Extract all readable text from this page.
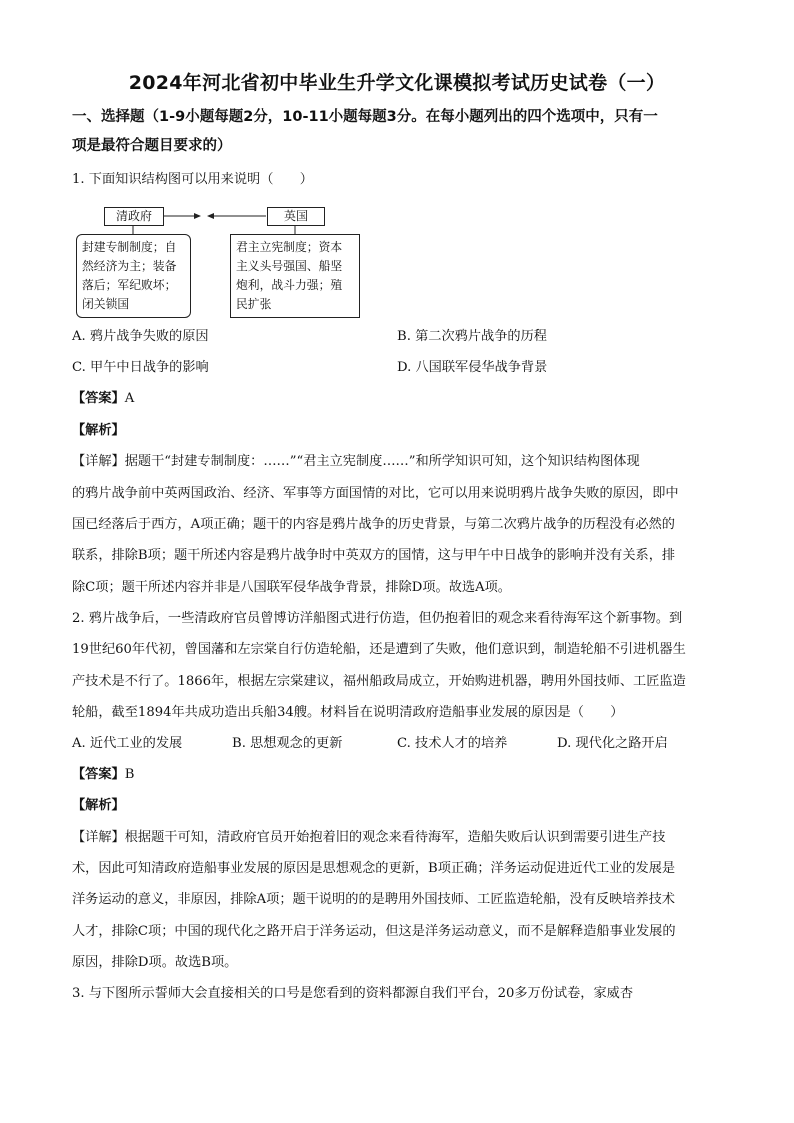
2024年河北省初中毕业生升学文化课模拟考试历史试卷（一）
一、选择题（1-9小题每题2分，10-11小题每题3分。在每小题列出的四个选项中，只有一
项是最符合题目要求的）
1. 下面知识结构图可以用来说明（　　）
清政府	英国
封建专制制度；自
然经济为主；装备
落后；军纪败坏；
闭关锁国
君主立宪制度；资本
主义头号强国、船坚
炮利，战斗力强；殖
民扩张
A. 鸦片战争失败的原因	B. 第二次鸦片战争的历程
C. 甲午中日战争的影响	D. 八国联军侵华战争背景
【答案】A
【解析】
【详解】据题干“封建专制制度：……”“君主立宪制度……”和所学知识可知，这个知识结构图体现
的鸦片战争前中英两国政治、经济、军事等方面国情的对比，它可以用来说明鸦片战争失败的原因，即中
国已经落后于西方，A项正确；题干的内容是鸦片战争的历史背景，与第二次鸦片战争的历程没有必然的
联系，排除B项；题干所述内容是鸦片战争时中英双方的国情，这与甲午中日战争的影响并没有关系，排
除C项；题干所述内容并非是八国联军侵华战争背景，排除D项。故选A项。
2. 鸦片战争后，一些清政府官员曾博访洋船图式进行仿造，但仍抱着旧的观念来看待海军这个新事物。到
19世纪60年代初，曾国藩和左宗棠自行仿造轮船，还是遭到了失败，他们意识到，制造轮船不引进机器生
产技术是不行了。1866年，根据左宗棠建议，福州船政局成立，开始购进机器，聘用外国技师、工匠监造
轮船，截至1894年共成功造出兵船34艘。材料旨在说明清政府造船事业发展的原因是（　　）
A. 近代工业的发展	B. 思想观念的更新	C. 技术人才的培养	D. 现代化之路开启
【答案】B
【解析】
【详解】根据题干可知，清政府官员开始抱着旧的观念来看待海军，造船失败后认识到需要引进生产技
术，因此可知清政府造船事业发展的原因是思想观念的更新，B项正确；洋务运动促进近代工业的发展是
洋务运动的意义，非原因，排除A项；题干说明的的是聘用外国技师、工匠监造轮船，没有反映培养技术
人才，排除C项；中国的现代化之路开启于洋务运动，但这是洋务运动意义，而不是解释造船事业发展的
原因，排除D项。故选B项。
3. 与下图所示誓师大会直接相关的口号是您看到的资料都源自我们平台，20多万份试卷，家威杏
